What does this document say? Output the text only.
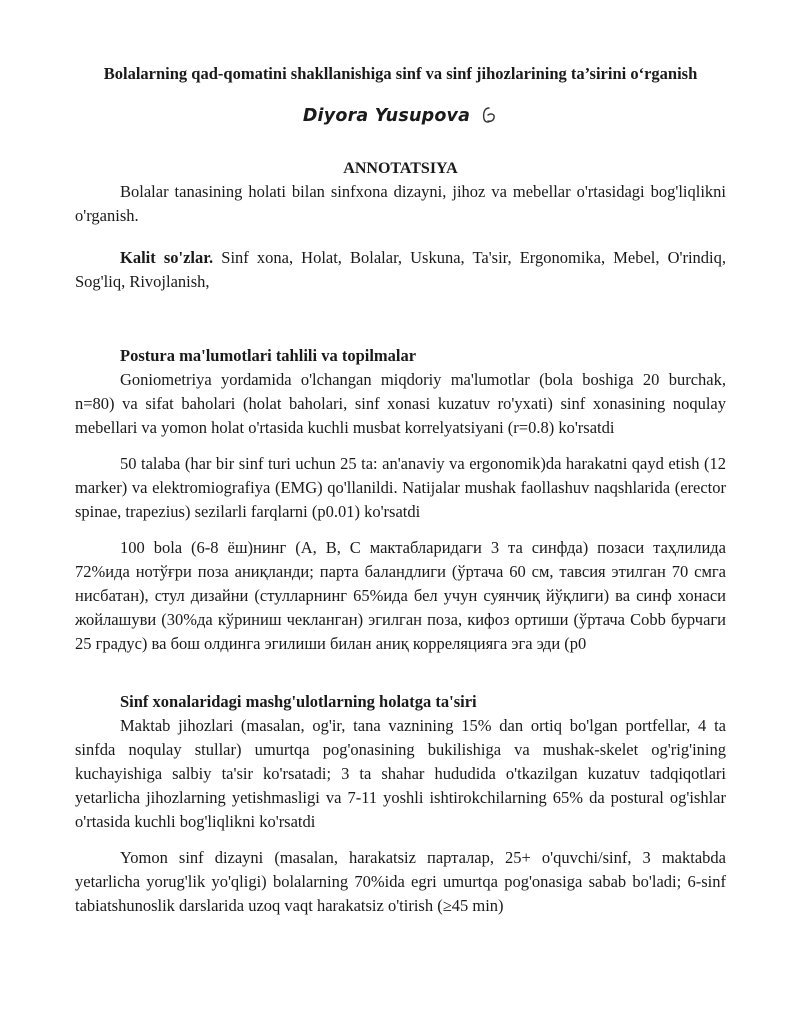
Bolalarning qad-qomatini shakllanishiga sinf va sinf jihozlarining ta’sirini o‘rganish
Diyora Yusupova
ANNOTATSIYA

Bolalar tanasining holati bilan sinfxona dizayni, jihoz va mebellar o'rtasidagi bog'liqlikni o'rganish.

Kalit so'zlar. Sinf xona, Holat, Bolalar, Uskuna, Ta'sir, Ergonomika, Mebel, O'rindiq, Sog'liq, Rivojlanish,

Postura ma'lumotlari tahlili va topilmalar

Goniometriya yordamida o'lchangan miqdoriy ma'lumotlar (bola boshiga 20 burchak, n=80) va sifat baholari (holat baholari, sinf xonasi kuzatuv ro'yxati) sinf xonasining noqulay mebellari va yomon holat o'rtasida kuchli musbat korrelyatsiyani (r=0.8) ko'rsatdi

50 talaba (har bir sinf turi uchun 25 ta: an'anaviy va ergonomik)da harakatni qayd etish (12 marker) va elektromiografiya (EMG) qo'llanildi. Natijalar mushak faollashuv naqshlarida (erector spinae, trapezius) sezilarli farqlarni (p0.01) ko'rsatdi

100 bola (6-8 ёш)нинг (A, B, C мактабларидаги 3 та синфда) позаси таҳлилида 72%ида нотўғри поза аниқланди; парта баландлиги (ўртача 60 см, тавсия этилган 70 смга нисбатан), стул дизайни (стулларнинг 65%ида бел учун суянчиқ йўқлиги) ва синф хонаси жойлашуви (30%да кўриниш чекланган) эгилган поза, кифоз ортиши (ўртача Cobb бурчаги 25 градус) ва бош олдинга эгилиши билан аниқ корреляцияга эга эди (p0

Sinf xonalaridagi mashg'ulotlarning holatga ta'siri

Maktab jihozlari (masalan, og'ir, tana vaznining 15% dan ortiq bo'lgan portfellar, 4 ta sinfda noqulay stullar) umurtqa pog'onasining bukilishiga va mushak-skelet og'rig'ining kuchayishiga salbiy ta'sir ko'rsatadi; 3 ta shahar hududida o'tkazilgan kuzatuv tadqiqotlari yetarlicha jihozlarning yetishmasligi va 7-11 yoshli ishtirokchilarning 65% da postural og'ishlar o'rtasida kuchli bog'liqlikni ko'rsatdi

Yomon sinf dizayni (masalan, harakatsiz парталар, 25+ o'quvchi/sinf, 3 maktabda yetarlicha yorug'lik yo'qligi) bolalarning 70%ida egri umurtqa pog'onasiga sabab bo'ladi; 6-sinf tabiatshunoslik darslarida uzoq vaqt harakatsiz o'tirish (≥45 min)
